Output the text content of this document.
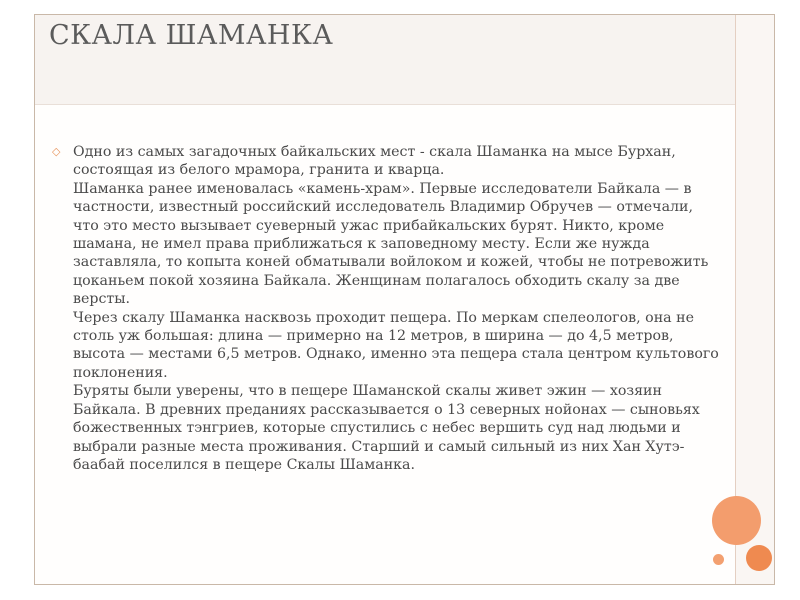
СКАЛА ШАМАНКА
◇ Одно из самых загадочных байкальских мест - скала Шаманка на мысе Бурхан, состоящая из белого мрамора, гранита и кварца.

Шаманка ранее именовалась «камень-храм». Первые исследователи Байкала — в частности, известный российский исследователь Владимир Обручев — отмечали, что это место вызывает суеверный ужас прибайкальских бурят. Никто, кроме шамана, не имел права приближаться к заповедному месту. Если же нужда заставляла, то копыта коней обматывали войлоком и кожей, чтобы не потревожить цоканьем покой хозяина Байкала. Женщинам полагалось обходить скалу за две версты.

Через скалу Шаманка насквозь проходит пещера. По меркам спелеологов, она не столь уж большая: длина — примерно на 12 метров, в ширина — до 4,5 метров, высота — местами 6,5 метров. Однако, именно эта пещера стала центром культового поклонения.

Буряты были уверены, что в пещере Шаманской скалы живет эжин — хозяин Байкала. В древних преданиях рассказывается о 13 северных нойонах — сыновьях божественных тэнгриев, которые спустились с небес вершить суд над людьми и выбрали разные места проживания. Старший и самый сильный из них Хан Хутэ-баабай поселился в пещере Скалы Шаманка.
